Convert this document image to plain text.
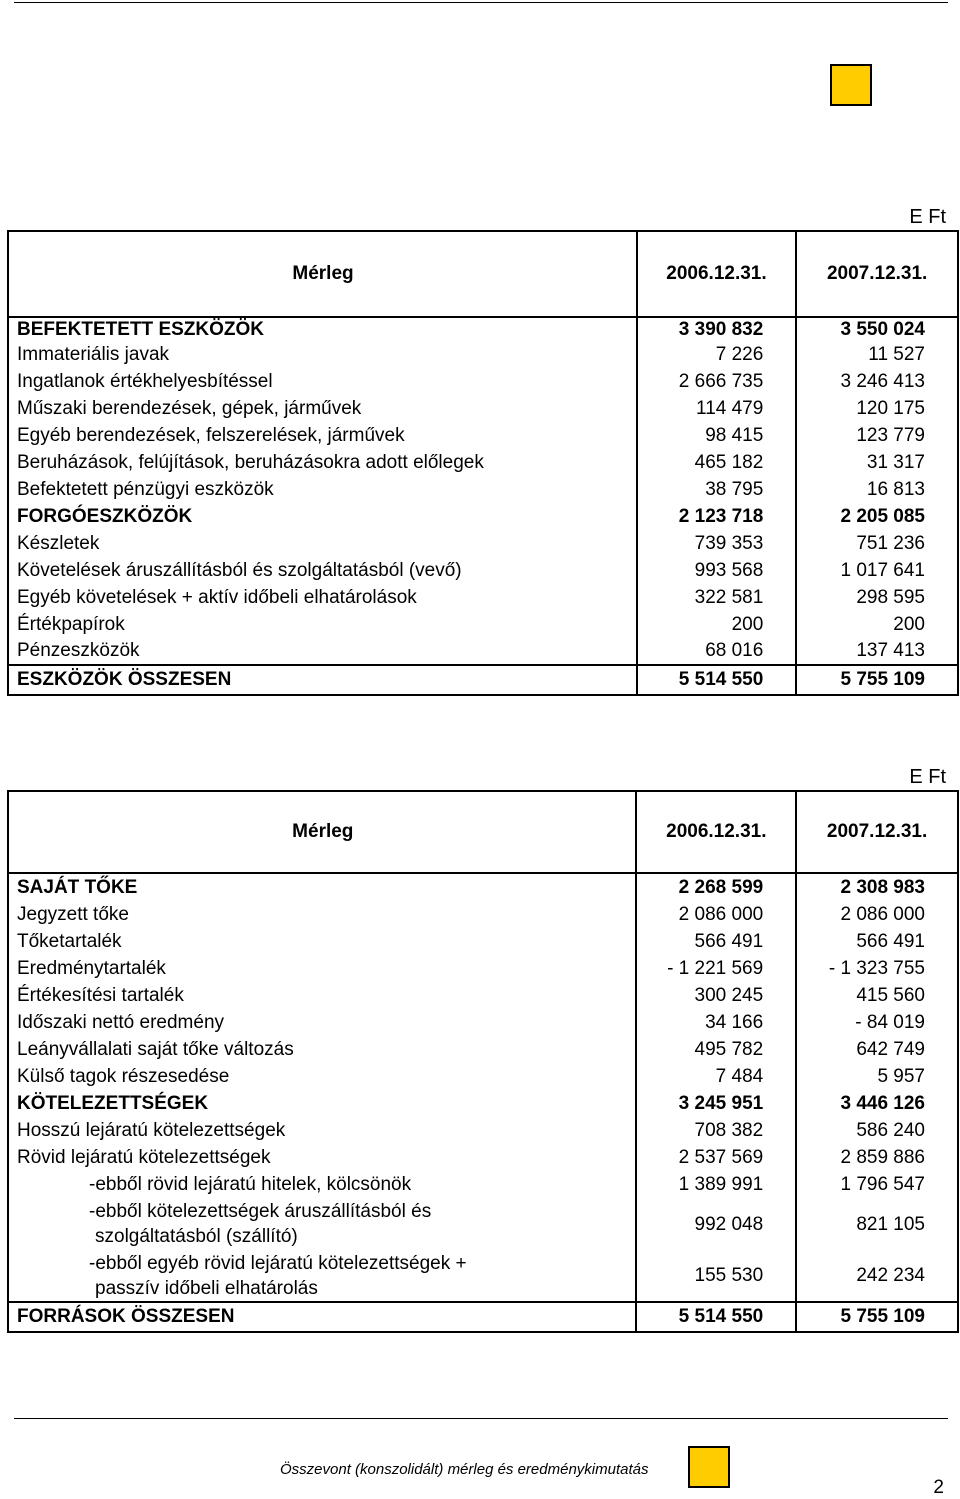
E Ft
Mérleg	2006.12.31.	2007.12.31.
BEFEKTETETT ESZKÖZÖK	3 390 832	3 550 024
Immateriális javak	7 226	11 527
Ingatlanok értékhelyesbítéssel	2 666 735	3 246 413
Műszaki berendezések, gépek, járművek	114 479	120 175
Egyéb berendezések, felszerelések, járművek	98 415	123 779
Beruházások, felújítások, beruházásokra adott előlegek	465 182	31 317
Befektetett pénzügyi eszközök	38 795	16 813
FORGÓESZKÖZÖK	2 123 718	2 205 085
Készletek	739 353	751 236
Követelések áruszállításból és szolgáltatásból (vevő)	993 568	1 017 641
Egyéb követelések + aktív időbeli elhatárolások	322 581	298 595
Értékpapírok	200	200
Pénzeszközök	68 016	137 413
ESZKÖZÖK ÖSSZESEN	5 514 550	5 755 109
E Ft
Mérleg	2006.12.31.	2007.12.31.
SAJÁT TŐKE	2 268 599	2 308 983
Jegyzett tőke	2 086 000	2 086 000
Tőketartalék	566 491	566 491
Eredménytartalék	- 1 221 569	- 1 323 755
Értékesítési tartalék	300 245	415 560
Időszaki nettó eredmény	34 166	- 84 019
Leányvállalati saját tőke változás	495 782	642 749
Külső tagok részesedése	7 484	5 957
KÖTELEZETTSÉGEK	3 245 951	3 446 126
Hosszú lejáratú kötelezettségek	708 382	586 240
Rövid lejáratú kötelezettségek	2 537 569	2 859 886
-ebből rövid lejáratú hitelek, kölcsönök	1 389 991	1 796 547
-ebből kötelezettségek áruszállításból és
szolgáltatásból (szállító)	992 048	821 105
-ebből egyéb rövid lejáratú kötelezettségek +
passzív időbeli elhatárolás	155 530	242 234
FORRÁSOK ÖSSZESEN	5 514 550	5 755 109
Összevont (konszolidált) mérleg és eredménykimutatás
2
